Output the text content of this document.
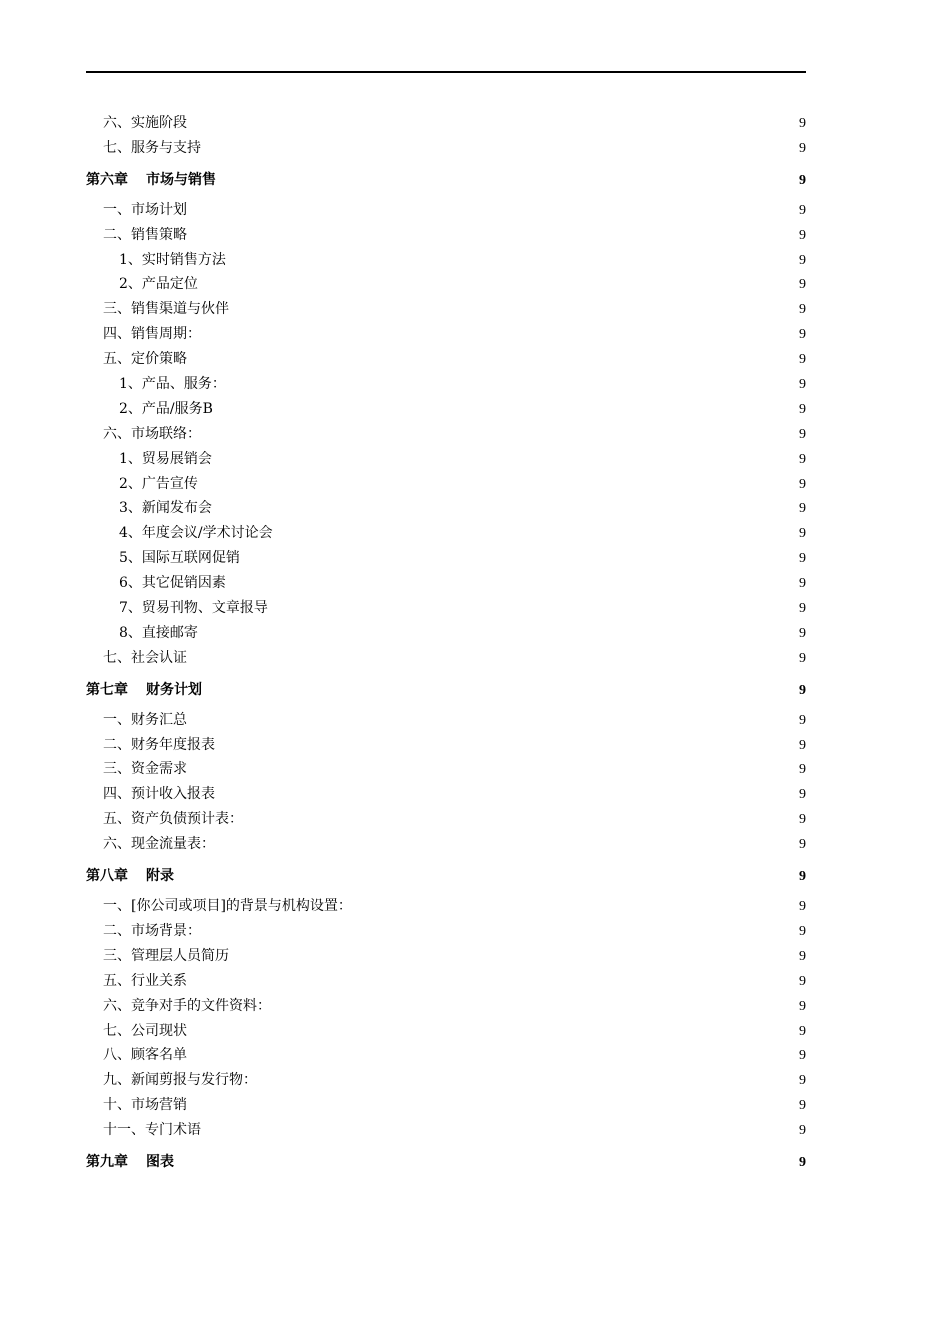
六、实施阶段	9
七、服务与支持	9
第六章 市场与销售	9
一、市场计划	9
二、销售策略	9
1、实时销售方法	9
2、产品定位	9
三、销售渠道与伙伴	9
四、销售周期：	9
五、定价策略	9
1、产品、服务：	9
2、产品/服务B	9
六、市场联络：	9
1、贸易展销会	9
2、广告宣传	9
3、新闻发布会	9
4、年度会议/学术讨论会	9
5、国际互联网促销	9
6、其它促销因素	9
7、贸易刊物、文章报导	9
8、直接邮寄	9
七、社会认证	9
第七章 财务计划	9
一、财务汇总	9
二、财务年度报表	9
三、资金需求	9
四、预计收入报表	9
五、资产负债预计表：	9
六、现金流量表：	9
第八章 附录	9
一、[你公司或项目]的背景与机构设置：	9
二、市场背景：	9
三、管理层人员简历	9
五、行业关系	9
六、竞争对手的文件资料：	9
七、公司现状	9
八、顾客名单	9
九、新闻剪报与发行物：	9
十、市场营销	9
十一、专门术语	9
第九章 图表	9
